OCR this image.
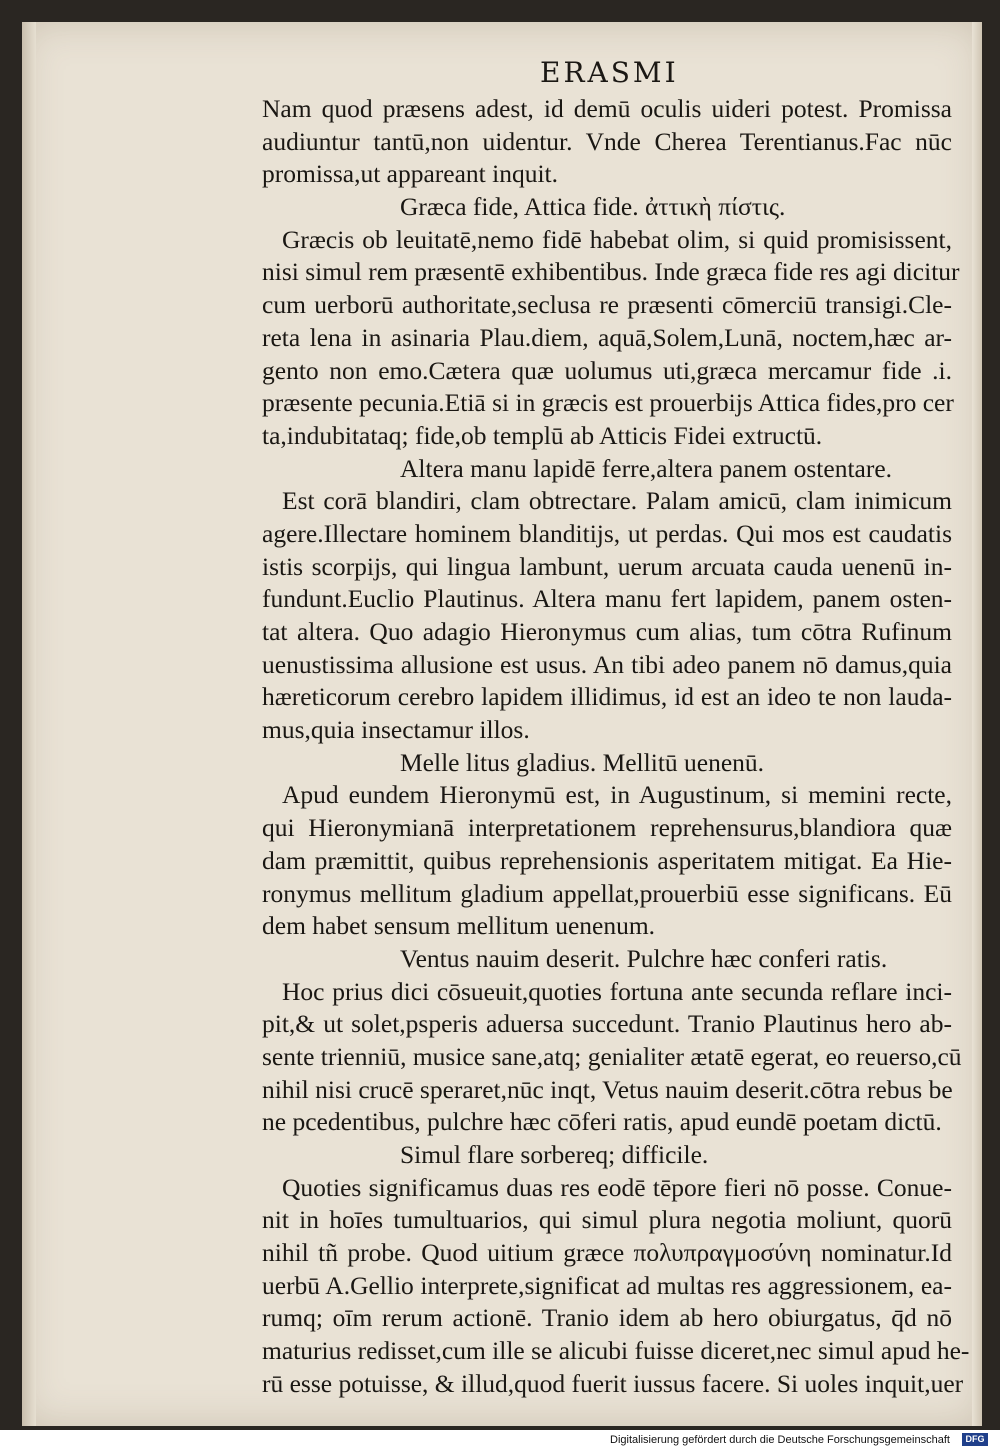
ERASMI
Nam quod præsens adest, id demū oculis uideri potest. Promissa
audiuntur tantū,non uidentur. Vnde Cherea Terentianus.Fac nūc
promissa,ut appareant inquit.
Græca fide, Attica fide. ἀττικὴ πίστις.
Græcis ob leuitatē,nemo fidē habebat olim, si quid promisissent,
nisi simul rem præsentē exhibentibus. Inde græca fide res agi dicitur
cum uerborū authoritate,seclusa re præsenti cōmerciū transigi.Cle-
reta lena in asinaria Plau.diem, aquā,Solem,Lunā, noctem,hæc ar-
gento non emo.Cætera quæ uolumus uti,græca mercamur fide .i.
præsente pecunia.Etiā si in græcis est prouerbijs Attica fides,pro cer
ta,indubitataq; fide,ob templū ab Atticis Fidei extructū.
Altera manu lapidē ferre,altera panem ostentare.
Est corā blandiri, clam obtrectare. Palam amicū, clam inimicum
agere.Illectare hominem blanditijs, ut perdas. Qui mos est caudatis
istis scorpijs, qui lingua lambunt, uerum arcuata cauda uenenū in-
fundunt.Euclio Plautinus. Altera manu fert lapidem, panem osten-
tat altera. Quo adagio Hieronymus cum alias, tum cōtra Rufinum
uenustissima allusione est usus. An tibi adeo panem nō damus,quia
hæreticorum cerebro lapidem illidimus, id est an ideo te non lauda-
mus,quia insectamur illos.
Melle litus gladius. Mellitū uenenū.
Apud eundem Hieronymū est, in Augustinum, si memini recte,
qui Hieronymianā interpretationem reprehensurus,blandiora quæ
dam præmittit, quibus reprehensionis asperitatem mitigat. Ea Hie-
ronymus mellitum gladium appellat,prouerbiū esse significans. Eū
dem habet sensum mellitum uenenum.
Ventus nauim deserit. Pulchre hæc conferi ratis.
Hoc prius dici cōsueuit,quoties fortuna ante secunda reflare inci-
pit,& ut solet,psperis aduersa succedunt. Tranio Plautinus hero ab-
sente trienniū, musice sane,atq; genialiter ætatē egerat, eo reuerso,cū
nihil nisi crucē speraret,nūc inqt, Vetus nauim deserit.cōtra rebus be
ne pcedentibus, pulchre hæc cōferi ratis, apud eundē poetam dictū.
Simul flare sorbereq; difficile.
Quoties significamus duas res eodē tēpore fieri nō posse. Conue-
nit in hoīes tumultuarios, qui simul plura negotia moliunt, quorū
nihil tñ probe. Quod uitium græce πολυπραγμοσύνη nominatur.Id
uerbū A.Gellio interprete,significat ad multas res aggressionem, ea-
rumq; oīm rerum actionē. Tranio idem ab hero obiurgatus, q̄d nō
maturius redisset,cum ille se alicubi fuisse diceret,nec simul apud he-
rū esse potuisse, & illud,quod fuerit iussus facere. Si uoles inquit,uer
Digitalisierung gefördert durch die Deutsche Forschungsgemeinschaft	DFG
